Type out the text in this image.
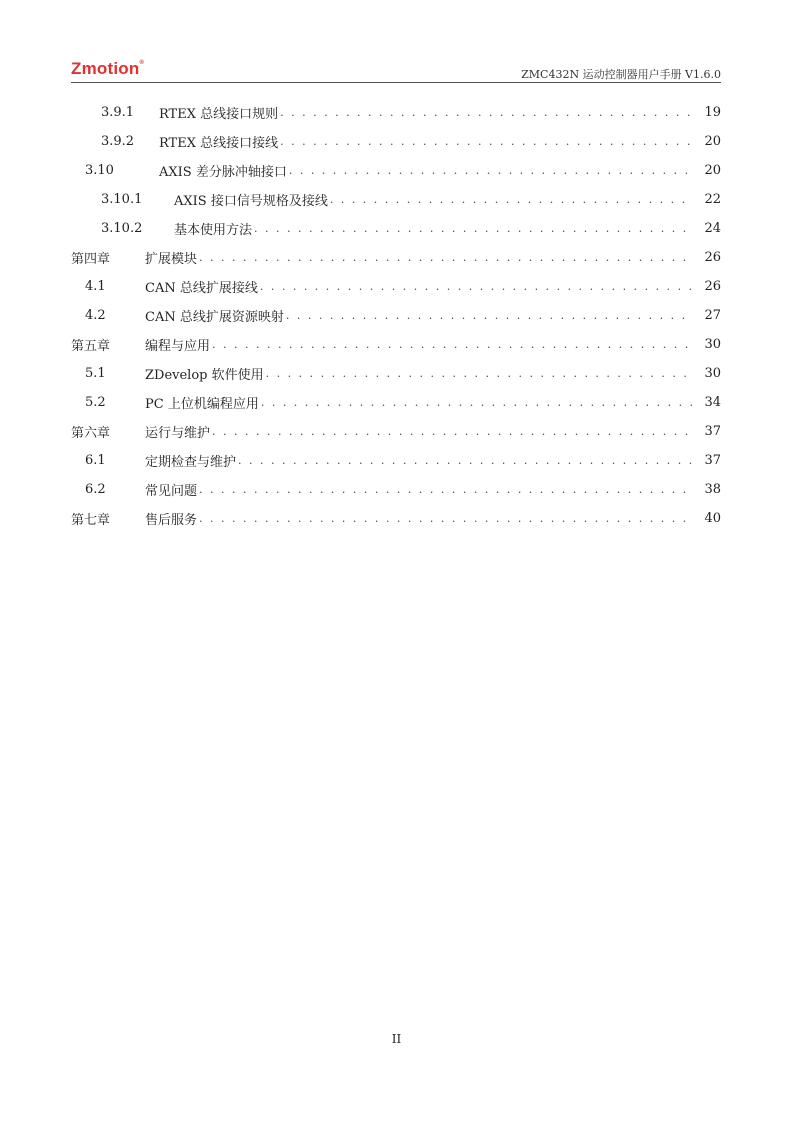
Zmotion®
ZMC432N 运动控制器用户手册 V1.6.0
3.9.1	RTEX 总线接口规则 . . .	19
3.9.2	RTEX 总线接口接线 . . .	20
3.10	AXIS 差分脉冲轴接口 . . .	20
3.10.1	AXIS 接口信号规格及接线 . . .	22
3.10.2	基本使用方法 . . .	24
第四章	扩展模块 . . .	26
4.1	CAN 总线扩展接线 . . .	26
4.2	CAN 总线扩展资源映射 . . .	27
第五章	编程与应用 . . .	30
5.1	ZDevelop 软件使用 . . .	30
5.2	PC 上位机编程应用 . . .	34
第六章	运行与维护 . . .	37
6.1	定期检查与维护 . . .	37
6.2	常见问题 . . .	38
第七章	售后服务 . . .	40
II
